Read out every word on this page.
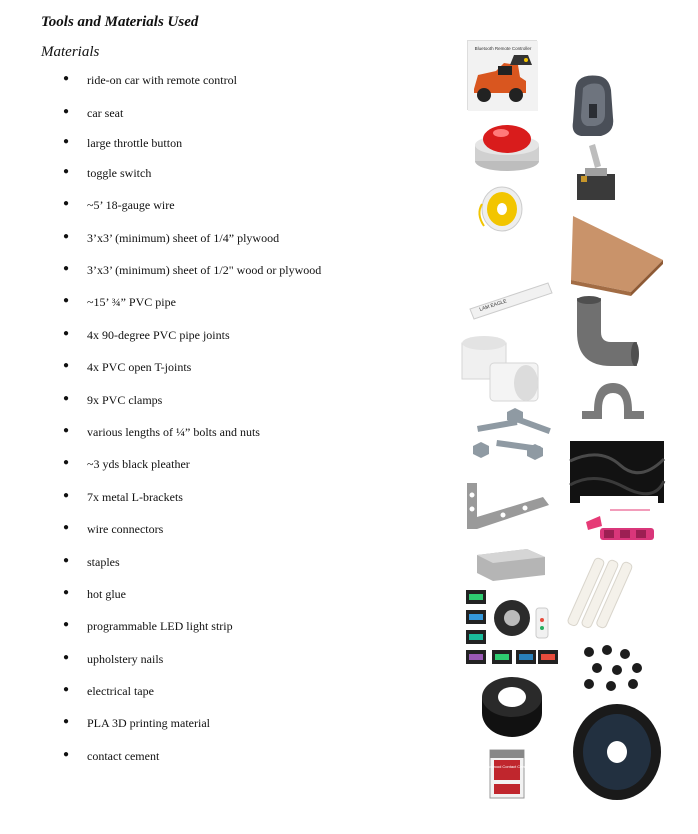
Tools and Materials Used
Materials
● ride-on car with remote control
● car seat
● large throttle button
● toggle switch
● ~5’ 18-gauge wire
● 3’x3’ (minimum) sheet of 1/4” plywood
● 3’x3’ (minimum) sheet of 1/2" wood or plywood
● ~15’ ¾” PVC pipe
● 4x 90-degree PVC pipe joints
● 4x PVC open T-joints
● 9x PVC clamps
● various lengths of ¼” bolts and nuts
● ~3 yds black pleather
● 7x metal L-brackets
● wire connectors
● staples
● hot glue
● programmable LED light strip
● upholstery nails
● electrical tape
● PLA 3D printing material
● contact cement
Bluetooth Remote Controller
LAM EAGLE
Weldwood Contact Cement
